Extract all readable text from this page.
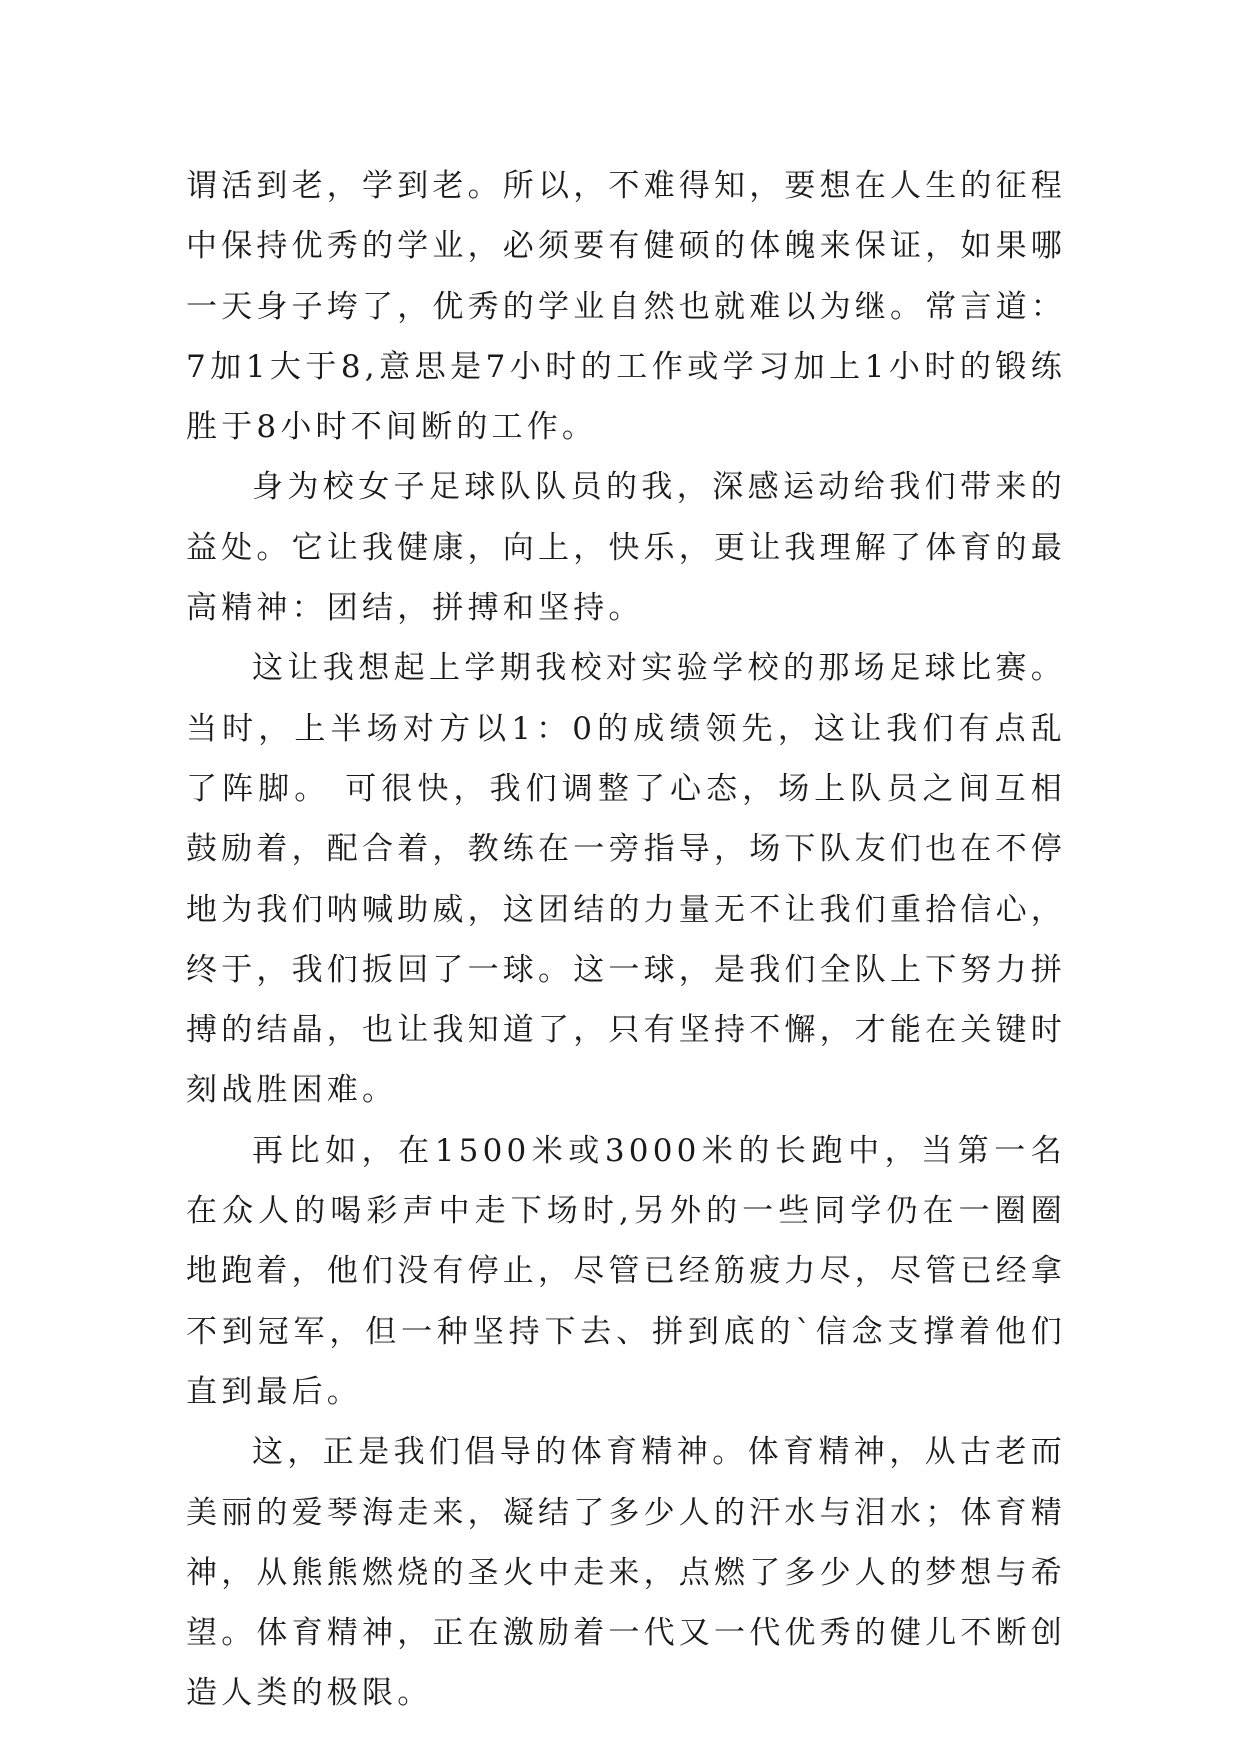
谓活到老，学到老。所以，不难得知，要想在人生的征程中保持优秀的学业，必须要有健硕的体魄来保证，如果哪一天身子垮了，优秀的学业自然也就难以为继。常言道：7加1大于8,意思是7小时的工作或学习加上1小时的锻练胜于8小时不间断的工作。

身为校女子足球队队员的我，深感运动给我们带来的益处。它让我健康，向上，快乐，更让我理解了体育的最高精神：团结，拼搏和坚持。

这让我想起上学期我校对实验学校的那场足球比赛。当时，上半场对方以1：0的成绩领先，这让我们有点乱了阵脚。 可很快，我们调整了心态，场上队员之间互相鼓励着，配合着，教练在一旁指导，场下队友们也在不停地为我们呐喊助威，这团结的力量无不让我们重拾信心，终于，我们扳回了一球。这一球，是我们全队上下努力拼搏的结晶，也让我知道了，只有坚持不懈，才能在关键时刻战胜困难。

再比如，在1500米或3000米的长跑中，当第一名在众人的喝彩声中走下场时,另外的一些同学仍在一圈圈地跑着，他们没有停止，尽管已经筋疲力尽，尽管已经拿不到冠军，但一种坚持下去、拼到底的`信念支撑着他们直到最后。

这，正是我们倡导的体育精神。体育精神，从古老而美丽的爱琴海走来，凝结了多少人的汗水与泪水；体育精神，从熊熊燃烧的圣火中走来，点燃了多少人的梦想与希望。体育精神，正在激励着一代又一代优秀的健儿不断创造人类的极限。
